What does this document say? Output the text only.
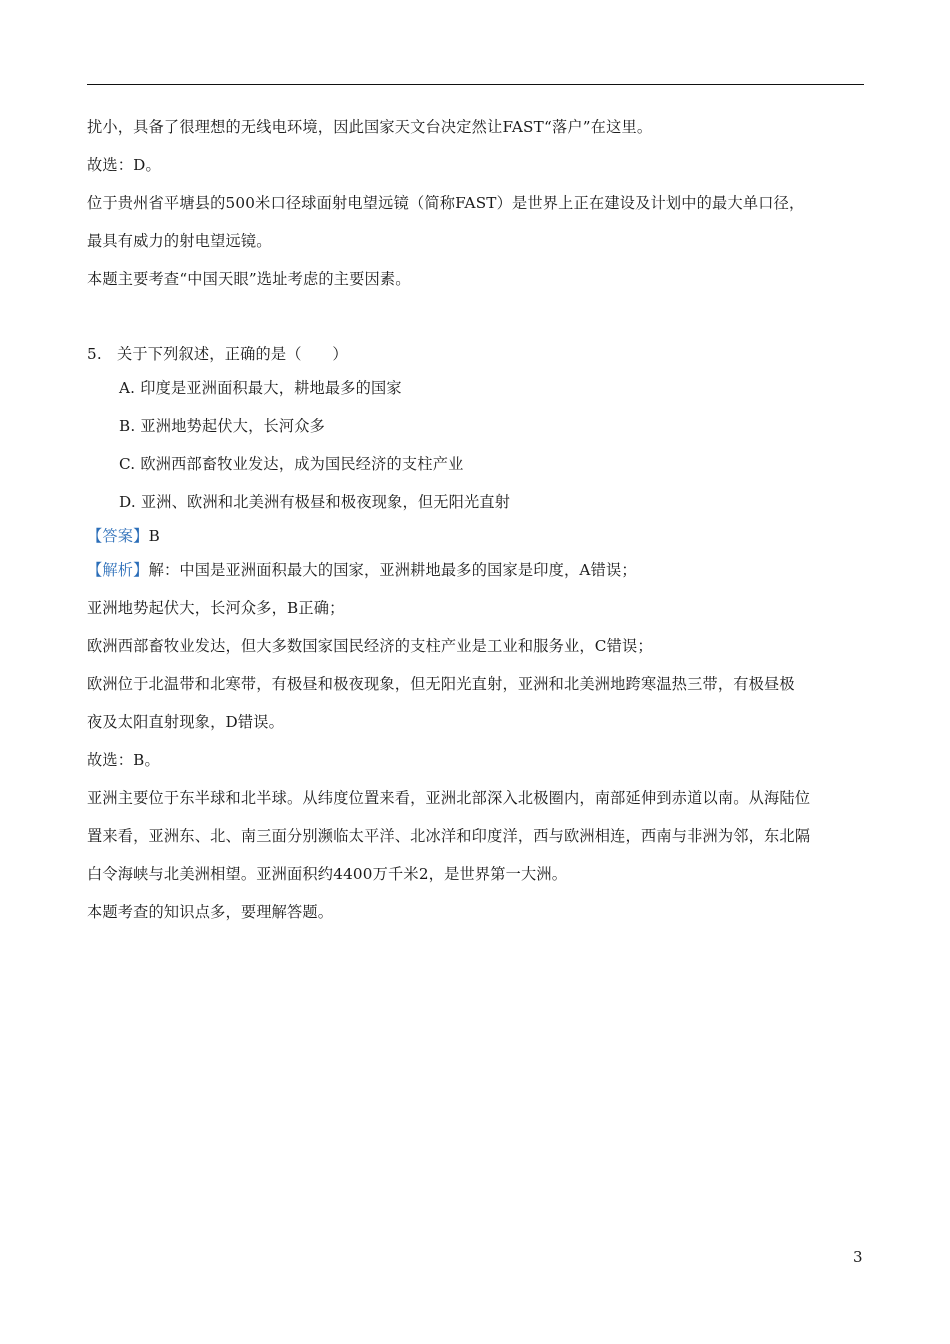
扰小，具备了很理想的无线电环境，因此国家天文台决定然让FAST“落户”在这里。
故选：D。
位于贵州省平塘县的500米口径球面射电望远镜（简称FAST）是世界上正在建设及计划中的最大单口径，
最具有威力的射电望远镜。
本题主要考查“中国天眼”选址考虑的主要因素。
5. 关于下列叙述，正确的是（　　）
A. 印度是亚洲面积最大，耕地最多的国家
B. 亚洲地势起伏大，长河众多
C. 欧洲西部畜牧业发达，成为国民经济的支柱产业
D. 亚洲、欧洲和北美洲有极昼和极夜现象，但无阳光直射
【答案】B
【解析】解：中国是亚洲面积最大的国家，亚洲耕地最多的国家是印度，A错误；
亚洲地势起伏大，长河众多，B正确；
欧洲西部畜牧业发达，但大多数国家国民经济的支柱产业是工业和服务业，C错误；
欧洲位于北温带和北寒带，有极昼和极夜现象，但无阳光直射，亚洲和北美洲地跨寒温热三带，有极昼极
夜及太阳直射现象，D错误。
故选：B。
亚洲主要位于东半球和北半球。从纬度位置来看，亚洲北部深入北极圈内，南部延伸到赤道以南。从海陆位
置来看，亚洲东、北、南三面分别濒临太平洋、北冰洋和印度洋，西与欧洲相连，西南与非洲为邻，东北隔
白令海峡与北美洲相望。亚洲面积约4400万千米2，是世界第一大洲。
本题考查的知识点多，要理解答题。
3
